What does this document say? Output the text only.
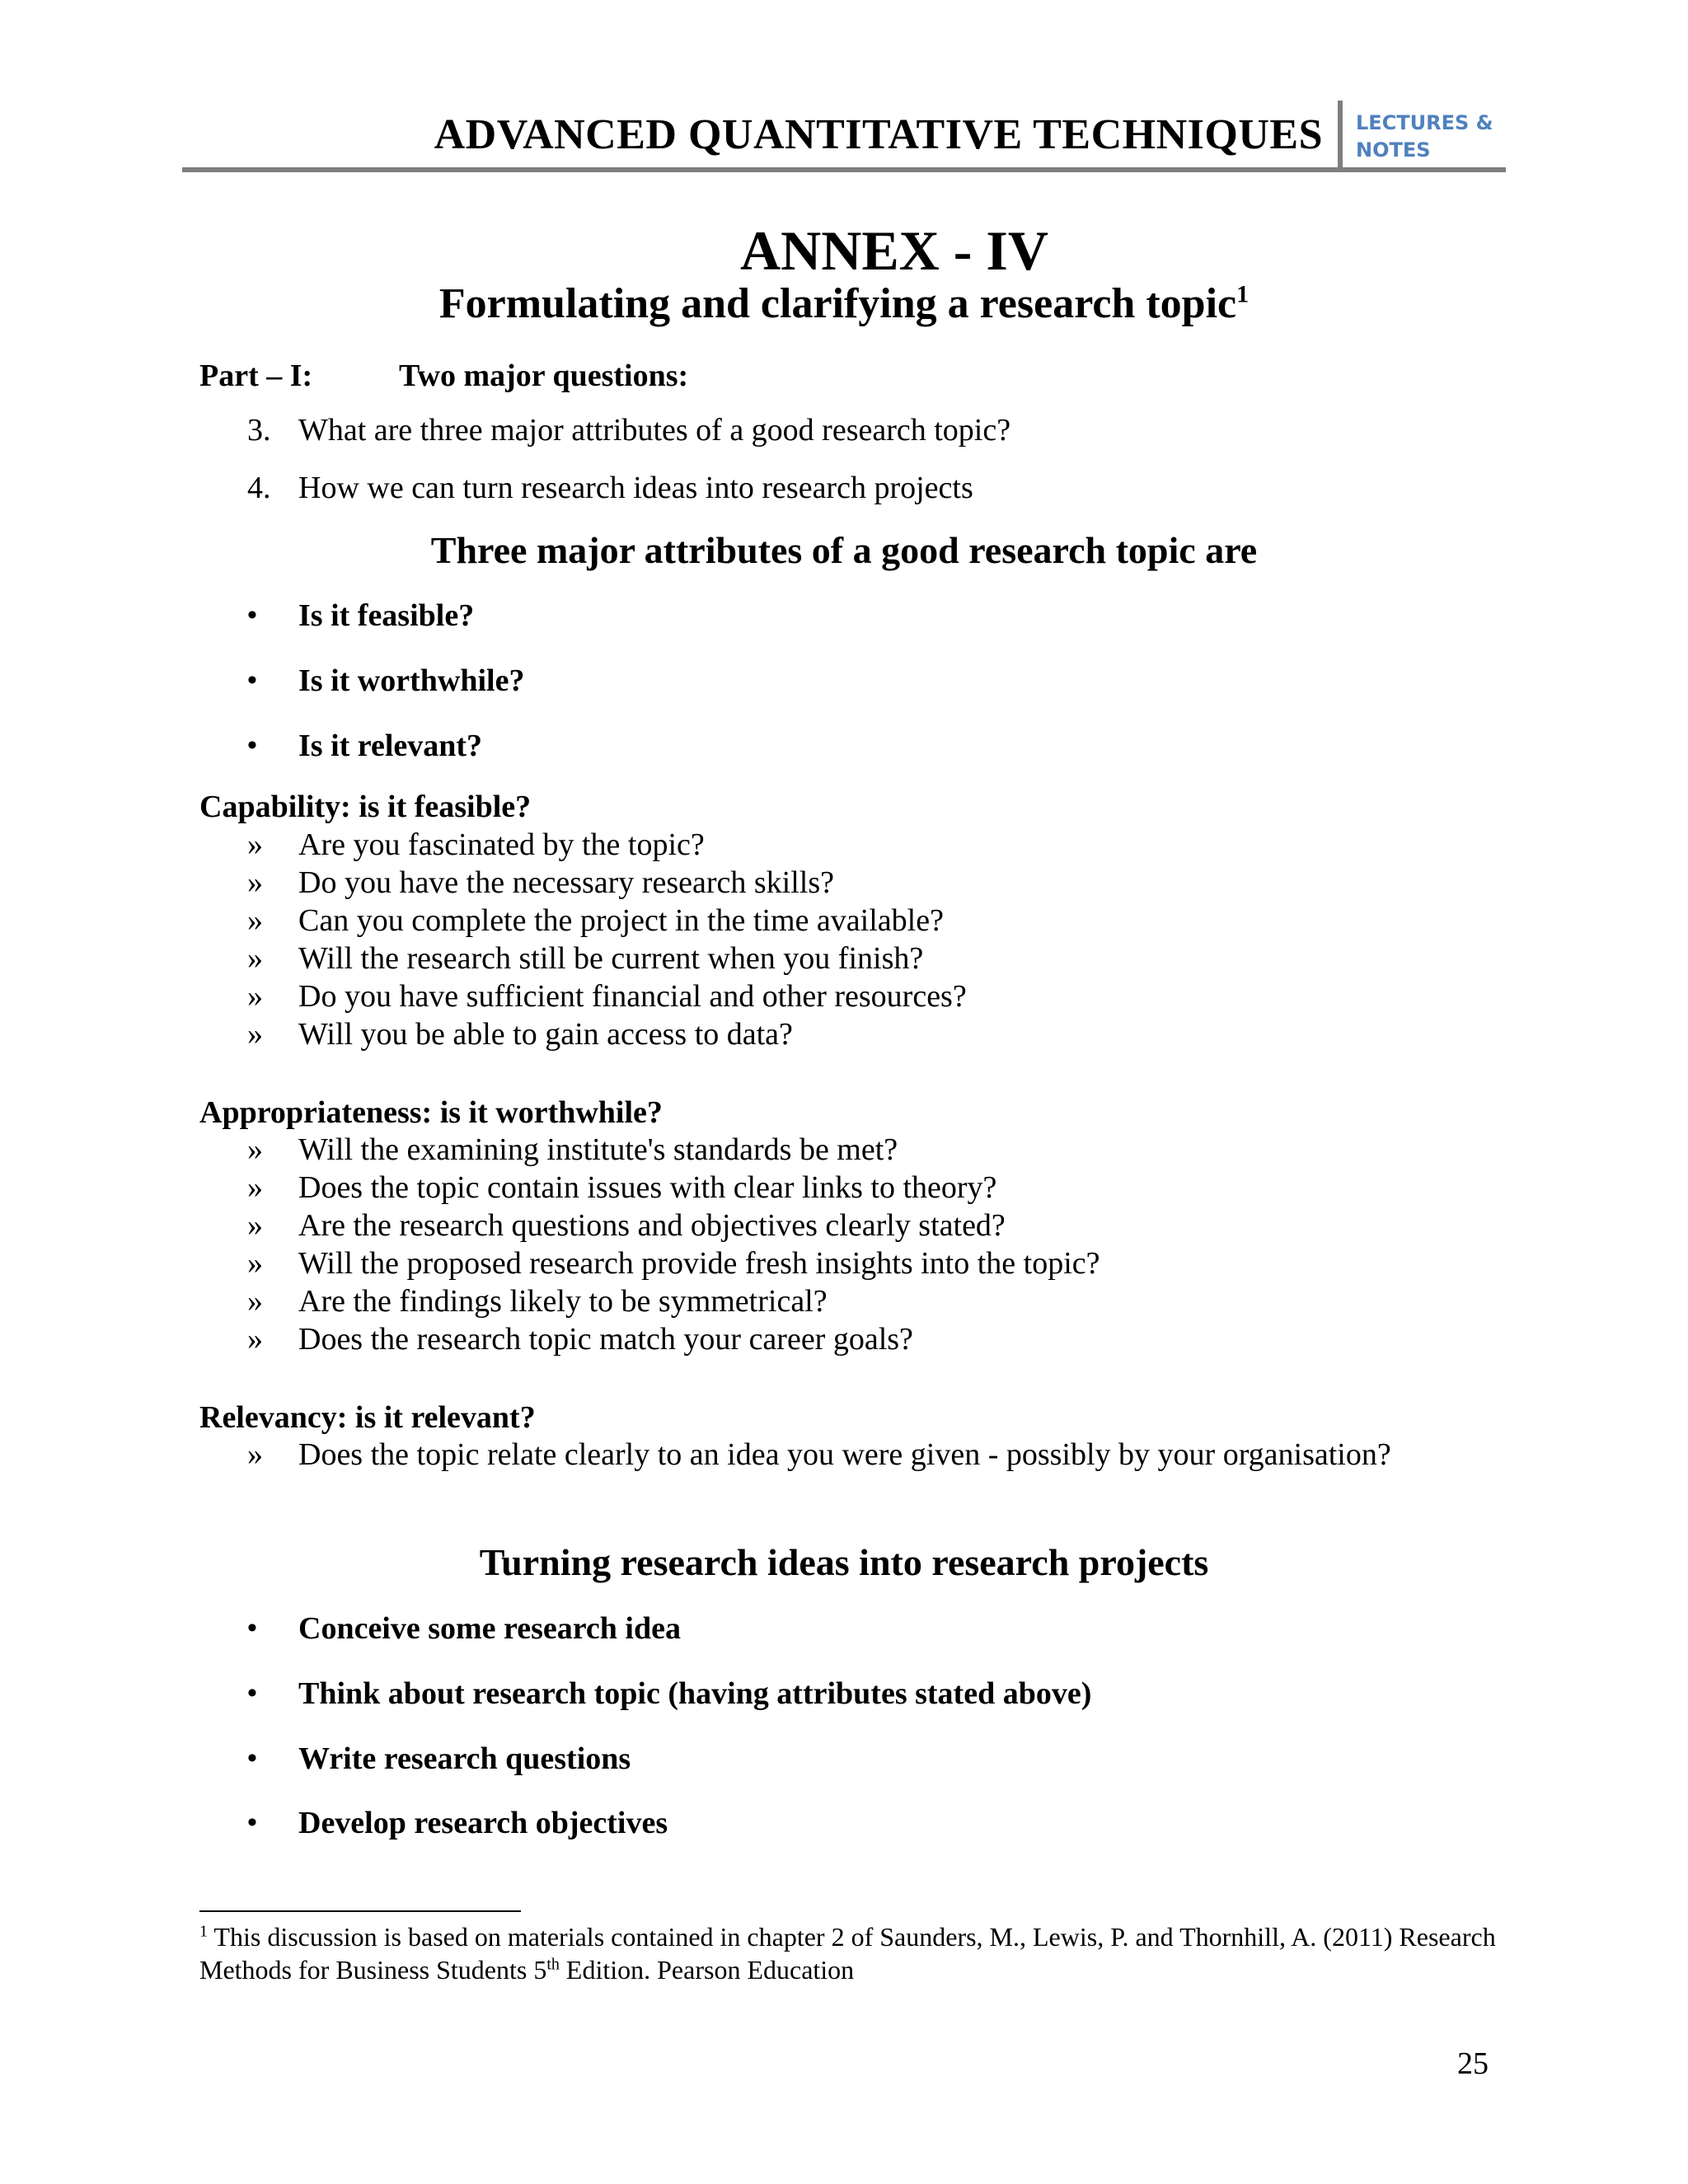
ADVANCED QUANTITATIVE TECHNIQUES LECTURES &
NOTES
ANNEX - IV
Formulating and clarifying a research topic$^1$
Part – I:	Two major questions:
3. What are three major attributes of a good research topic?
4. How we can turn research ideas into research projects
Three major attributes of a good research topic are
• Is it feasible?
• Is it worthwhile?
• Is it relevant?
Capability: is it feasible?
» Are you fascinated by the topic?
» Do you have the necessary research skills?
» Can you complete the project in the time available?
» Will the research still be current when you finish?
» Do you have sufficient financial and other resources?
» Will you be able to gain access to data?
Appropriateness: is it worthwhile?
» Will the examining institute's standards be met?
» Does the topic contain issues with clear links to theory?
» Are the research questions and objectives clearly stated?
» Will the proposed research provide fresh insights into the topic?
» Are the findings likely to be symmetrical?
» Does the research topic match your career goals?
Relevancy: is it relevant?
» Does the topic relate clearly to an idea you were given - possibly by your organisation?
Turning research ideas into research projects
• Conceive some research idea
• Think about research topic (having attributes stated above)
• Write research questions
• Develop research objectives
$^1$ This discussion is based on materials contained in chapter 2 of Saunders, M., Lewis, P. and Thornhill, A. (2011) Research Methods for Business Students 5th Edition. Pearson Education
25
